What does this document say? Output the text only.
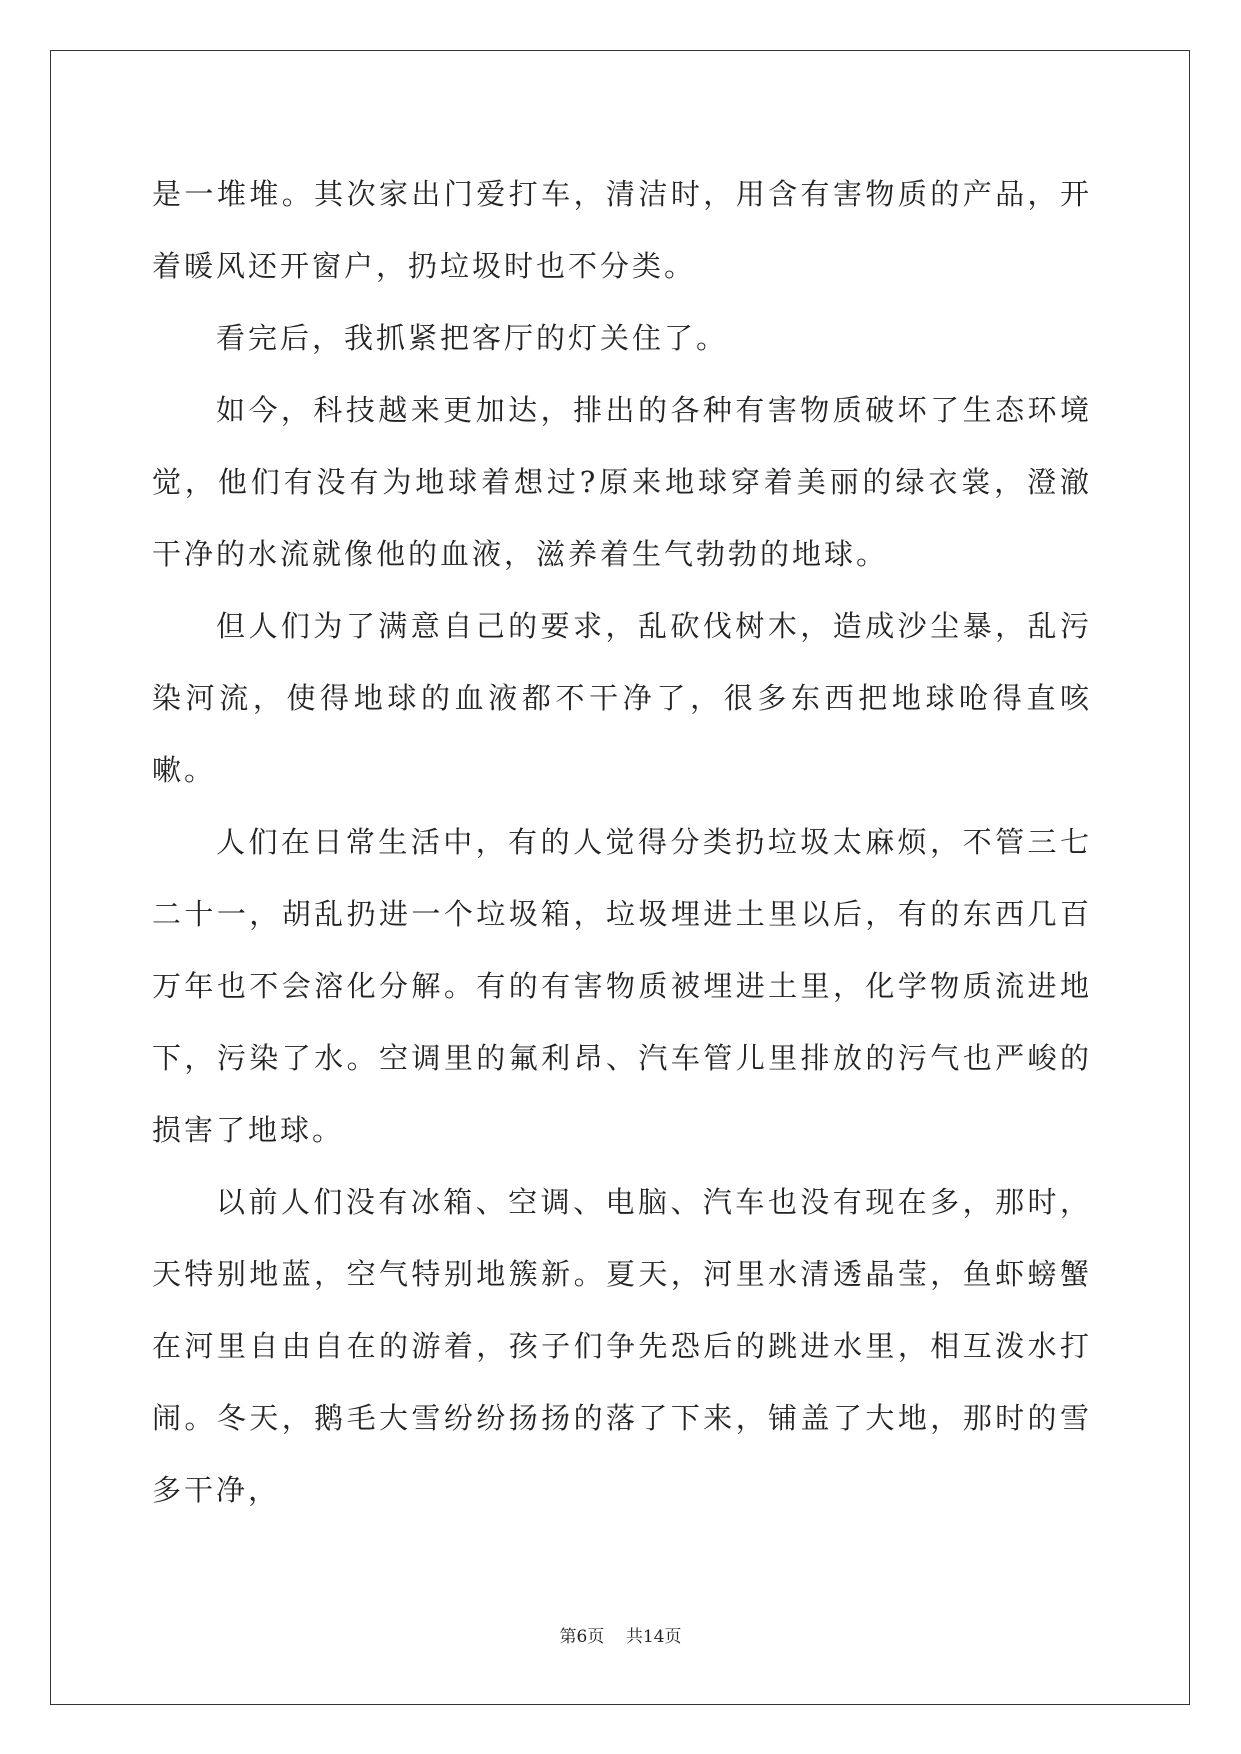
是一堆堆。其次家出门爱打车，清洁时，用含有害物质的产品，开着暖风还开窗户，扔垃圾时也不分类。

看完后，我抓紧把客厅的灯关住了。

如今，科技越来更加达，排出的各种有害物质破坏了生态环境觉，他们有没有为地球着想过?原来地球穿着美丽的绿衣裳，澄澈干净的水流就像他的血液，滋养着生气勃勃的地球。

但人们为了满意自己的要求，乱砍伐树木，造成沙尘暴，乱污染河流，使得地球的血液都不干净了，很多东西把地球呛得直咳嗽。

人们在日常生活中，有的人觉得分类扔垃圾太麻烦，不管三七二十一，胡乱扔进一个垃圾箱，垃圾埋进土里以后，有的东西几百万年也不会溶化分解。有的有害物质被埋进土里，化学物质流进地下，污染了水。空调里的氟利昂、汽车管儿里排放的污气也严峻的损害了地球。

以前人们没有冰箱、空调、电脑、汽车也没有现在多，那时，天特别地蓝，空气特别地簇新。夏天，河里水清透晶莹，鱼虾螃蟹在河里自由自在的游着，孩子们争先恐后的跳进水里，相互泼水打闹。冬天，鹅毛大雪纷纷扬扬的落了下来，铺盖了大地，那时的雪多干净，

第6页    共14页
